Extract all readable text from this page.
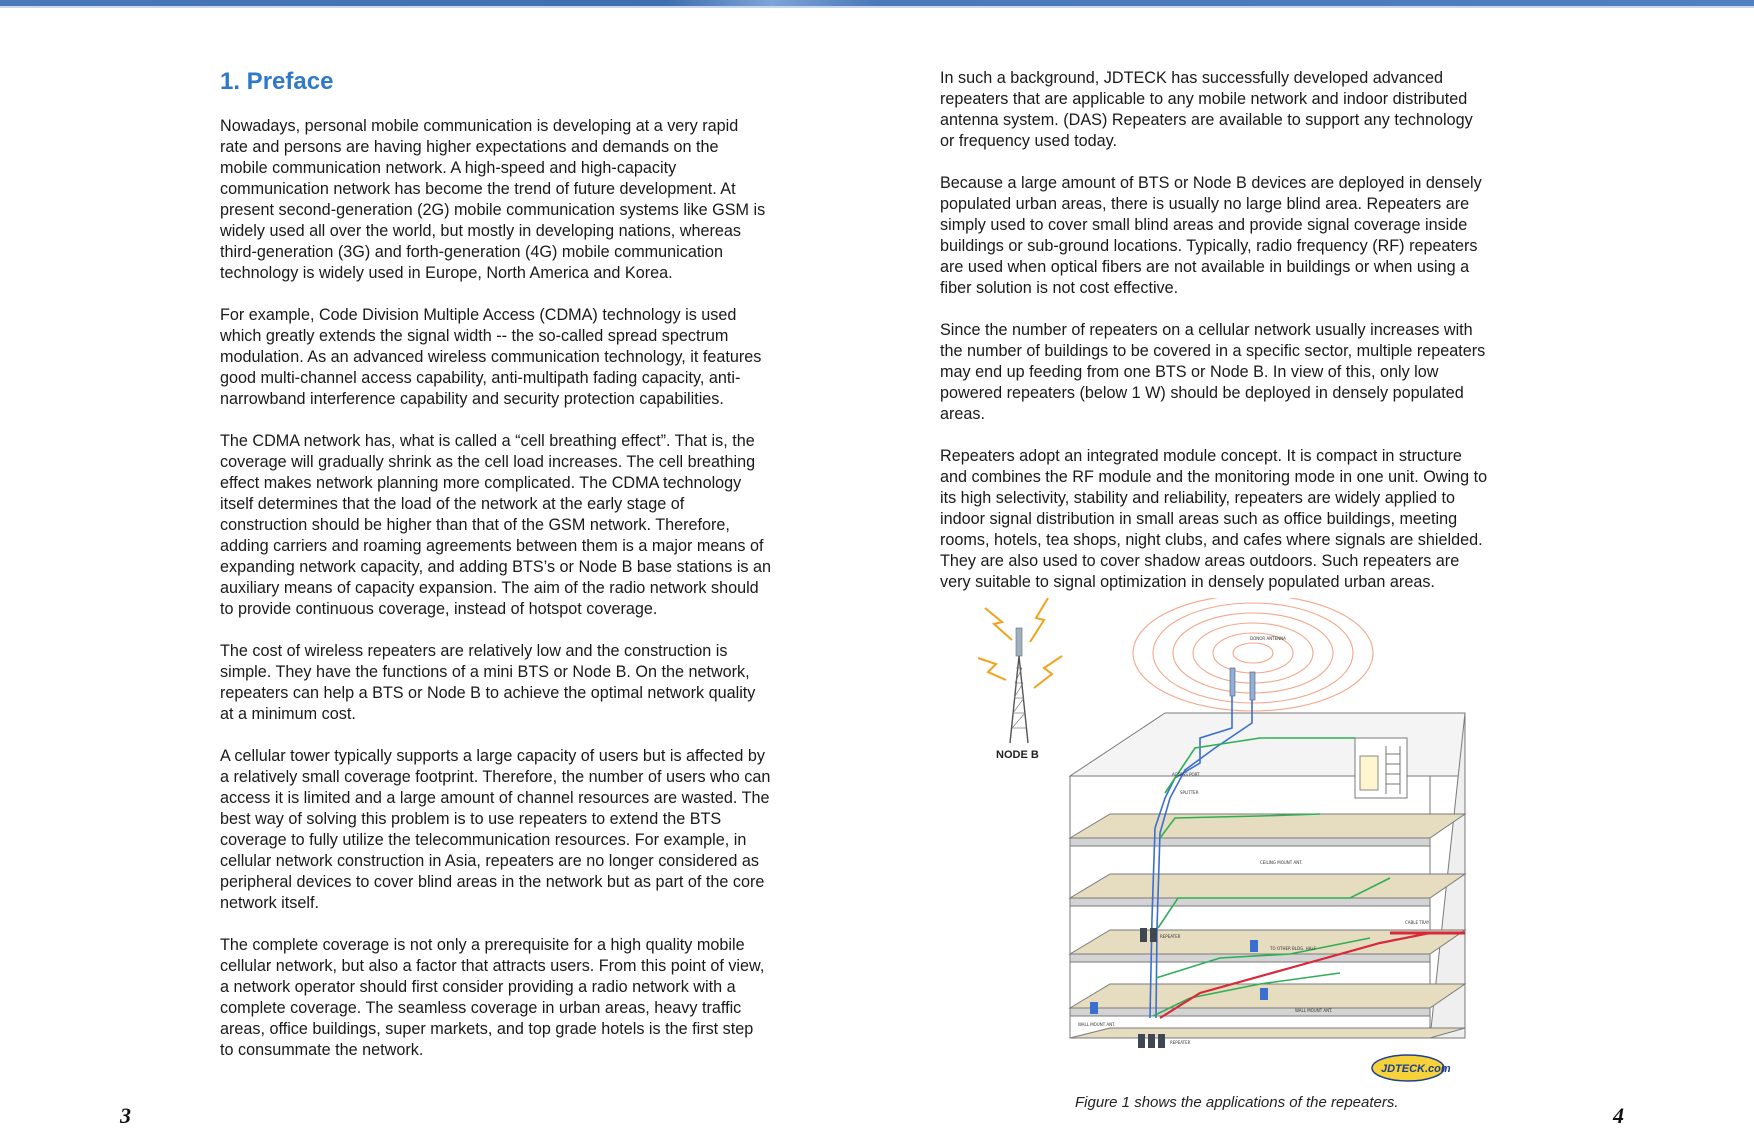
1. Preface

Nowadays, personal mobile communication is developing at a very rapid
rate and persons are having higher expectations and demands on the
mobile communication network. A high-speed and high-capacity
communication network has become the trend of future development. At
present second-generation (2G) mobile communication systems like GSM is
widely used all over the world, but mostly in developing nations, whereas
third-generation (3G) and forth-generation (4G) mobile communication
technology is widely used in Europe, North America and Korea.

For example, Code Division Multiple Access (CDMA) technology is used
which greatly extends the signal width -- the so-called spread spectrum
modulation. As an advanced wireless communication technology, it features
good multi-channel access capability, anti-multipath fading capacity, anti-
narrowband interference capability and security protection capabilities.

The CDMA network has, what is called a “cell breathing effect”. That is, the
coverage will gradually shrink as the cell load increases. The cell breathing
effect makes network planning more complicated. The CDMA technology
itself determines that the load of the network at the early stage of
construction should be higher than that of the GSM network. Therefore,
adding carriers and roaming agreements between them is a major means of
expanding network capacity, and adding BTS’s or Node B base stations is an
auxiliary means of capacity expansion. The aim of the radio network should
to provide continuous coverage, instead of hotspot coverage.

The cost of wireless repeaters are relatively low and the construction is
simple. They have the functions of a mini BTS or Node B. On the network,
repeaters can help a BTS or Node B to achieve the optimal network quality
at a minimum cost.

A cellular tower typically supports a large capacity of users but is affected by
a relatively small coverage footprint. Therefore, the number of users who can
access it is limited and a large amount of channel resources are wasted. The
best way of solving this problem is to use repeaters to extend the BTS
coverage to fully utilize the telecommunication resources. For example, in
cellular network construction in Asia, repeaters are no longer considered as
peripheral devices to cover blind areas in the network but as part of the core
network itself.

The complete coverage is not only a prerequisite for a high quality mobile
cellular network, but also a factor that attracts users. From this point of view,
a network operator should first consider providing a radio network with a
complete coverage. The seamless coverage in urban areas, heavy traffic
areas, office buildings, super markets, and top grade hotels is the first step
to consummate the network.

In such a background, JDTECK has successfully developed advanced
repeaters that are applicable to any mobile network and indoor distributed
antenna system. (DAS) Repeaters are available to support any technology
or frequency used today.

Because a large amount of BTS or Node B devices are deployed in densely
populated urban areas, there is usually no large blind area. Repeaters are
simply used to cover small blind areas and provide signal coverage inside
buildings or sub-ground locations. Typically, radio frequency (RF) repeaters
are used when optical fibers are not available in buildings or when using a
fiber solution is not cost effective.

Since the number of repeaters on a cellular network usually increases with
the number of buildings to be covered in a specific sector, multiple repeaters
may end up feeding from one BTS or Node B. In view of this, only low
powered repeaters (below 1 W) should be deployed in densely populated
areas.

Repeaters adopt an integrated module concept. It is compact in structure
and combines the RF module and the monitoring mode in one unit. Owing to
its high selectivity, stability and reliability, repeaters are widely applied to
indoor signal distribution in small areas such as office buildings, meeting
rooms, hotels, tea shops, night clubs, and cafes where signals are shielded.
They are also used to cover shadow areas outdoors. Such repeaters are
very suitable to signal optimization in densely populated urban areas.

NODE B
DONOR ANTENNA
ACCESS PORT
CEILING MOUNT ANT.
CABLE TRAY
TO OTHER BLDG. HALF
WALL MOUNT ANT.
WALL MOUNT ANT.
REPEATER
REPEATER
SPLITTER
JDTECK.com
Figure 1 shows the applications of the repeaters.
3	4
